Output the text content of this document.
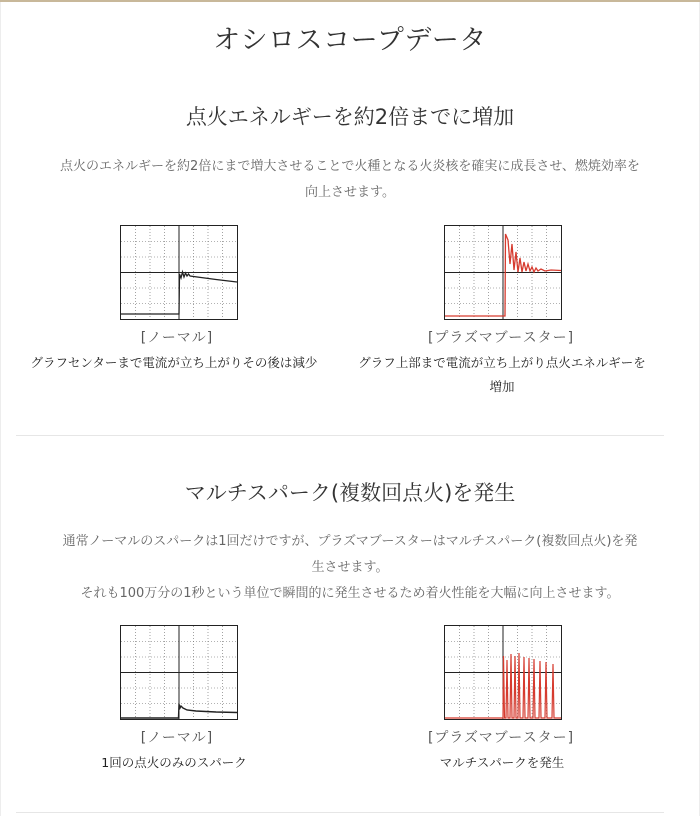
オシロスコープデータ
点火エネルギーを約2倍までに増加
点火のエネルギーを約2倍にまで増大させることで火種となる火炎核を確実に成長させ、燃焼効率を
向上させます。
[ノーマル]
グラフセンターまで電流が立ち上がりその後は減少
[プラズマブースター]
グラフ上部まで電流が立ち上がり点火エネルギーを
増加
マルチスパーク(複数回点火)を発生
通常ノーマルのスパークは1回だけですが、プラズマブースターはマルチスパーク(複数回点火)を発
生させます。
それも100万分の1秒という単位で瞬間的に発生させるため着火性能を大幅に向上させます。
[ノーマル]
1回の点火のみのスパーク
[プラズマブースター]
マルチスパークを発生
